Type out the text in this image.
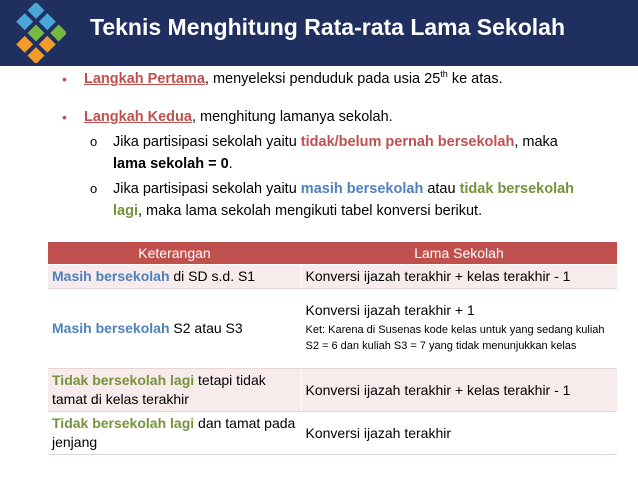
Teknis Menghitung Rata-rata Lama Sekolah
• Langkah Pertama, menyeleksi penduduk pada usia 25th ke atas.
• Langkah Kedua, menghitung lamanya sekolah.
o Jika partisipasi sekolah yaitu tidak/belum pernah bersekolah, maka
lama sekolah = 0.
o Jika partisipasi sekolah yaitu masih bersekolah atau tidak bersekolah
lagi, maka lama sekolah mengikuti tabel konversi berikut.
Keterangan	Lama Sekolah
Masih bersekolah di SD s.d. S1	Konversi ijazah terakhir + kelas terakhir - 1
Masih bersekolah S2 atau S3	Konversi ijazah terakhir + 1
Ket: Karena di Susenas kode kelas untuk yang sedang kuliah S2 = 6 dan kuliah S3 = 7 yang tidak menunjukkan kelas

Tidak bersekolah lagi tetapi tidak tamat di kelas terakhir	Konversi ijazah terakhir + kelas terakhir - 1
Tidak bersekolah lagi dan tamat pada jenjang	Konversi ijazah terakhir
